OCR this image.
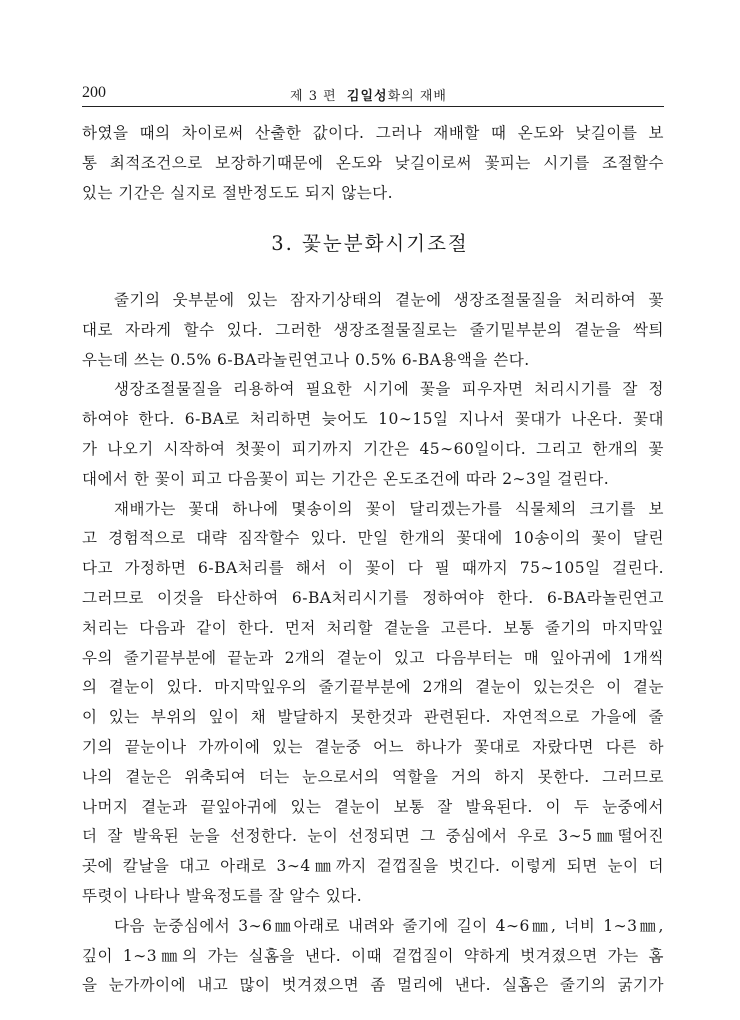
200	제 3 편 김일성화의 재배
하였을 때의 차이로써 산출한 값이다. 그러나 재배할 때 온도와 낮길이를 보
통 최적조건으로 보장하기때문에 온도와 낮길이로써 꽃피는 시기를 조절할수
있는 기간은 실지로 절반정도도 되지 않는다.
3. 꽃눈분화시기조절
줄기의 웃부분에 있는 잠자기상태의 곁눈에 생장조절물질을 처리하여 꽃
대로 자라게 할수 있다. 그러한 생장조절물질로는 줄기밑부분의 곁눈을 싹틔
우는데 쓰는 0.5% 6-BA라놀린연고나 0.5% 6-BA용액을 쓴다.
생장조절물질을 리용하여 필요한 시기에 꽃을 피우자면 처리시기를 잘 정
하여야 한다. 6-BA로 처리하면 늦어도 10∼15일 지나서 꽃대가 나온다. 꽃대
가 나오기 시작하여 첫꽃이 피기까지 기간은 45∼60일이다. 그리고 한개의 꽃
대에서 한 꽃이 피고 다음꽃이 피는 기간은 온도조건에 따라 2∼3일 걸린다.
재배가는 꽃대 하나에 몇송이의 꽃이 달리겠는가를 식물체의 크기를 보
고 경험적으로 대략 짐작할수 있다. 만일 한개의 꽃대에 10송이의 꽃이 달린
다고 가정하면 6-BA처리를 해서 이 꽃이 다 필 때까지 75∼105일 걸린다.
그러므로 이것을 타산하여 6-BA처리시기를 정하여야 한다. 6-BA라놀린연고
처리는 다음과 같이 한다. 먼저 처리할 곁눈을 고른다. 보통 줄기의 마지막잎
우의 줄기끝부분에 끝눈과 2개의 곁눈이 있고 다음부터는 매 잎아귀에 1개씩
의 곁눈이 있다. 마지막잎우의 줄기끝부분에 2개의 곁눈이 있는것은 이 곁눈
이 있는 부위의 잎이 채 발달하지 못한것과 관련된다. 자연적으로 가을에 줄
기의 끝눈이나 가까이에 있는 곁눈중 어느 하나가 꽃대로 자랐다면 다른 하
나의 곁눈은 위축되여 더는 눈으로서의 역할을 거의 하지 못한다. 그러므로
나머지 곁눈과 끝잎아귀에 있는 곁눈이 보통 잘 발육된다. 이 두 눈중에서
더 잘 발육된 눈을 선정한다. 눈이 선정되면 그 중심에서 우로 3∼5㎜떨어진
곳에 칼날을 대고 아래로 3∼4㎜까지 겉껍질을 벗긴다. 이렇게 되면 눈이 더
뚜렷이 나타나 발육정도를 잘 알수 있다.
다음 눈중심에서 3∼6㎜아래로 내려와 줄기에 길이 4∼6㎜, 너비 1∼3㎜,
깊이 1∼3㎜의 가는 실홈을 낸다. 이때 겉껍질이 약하게 벗겨졌으면 가는 홈
을 눈가까이에 내고 많이 벗겨졌으면 좀 멀리에 낸다. 실홈은 줄기의 굵기가
